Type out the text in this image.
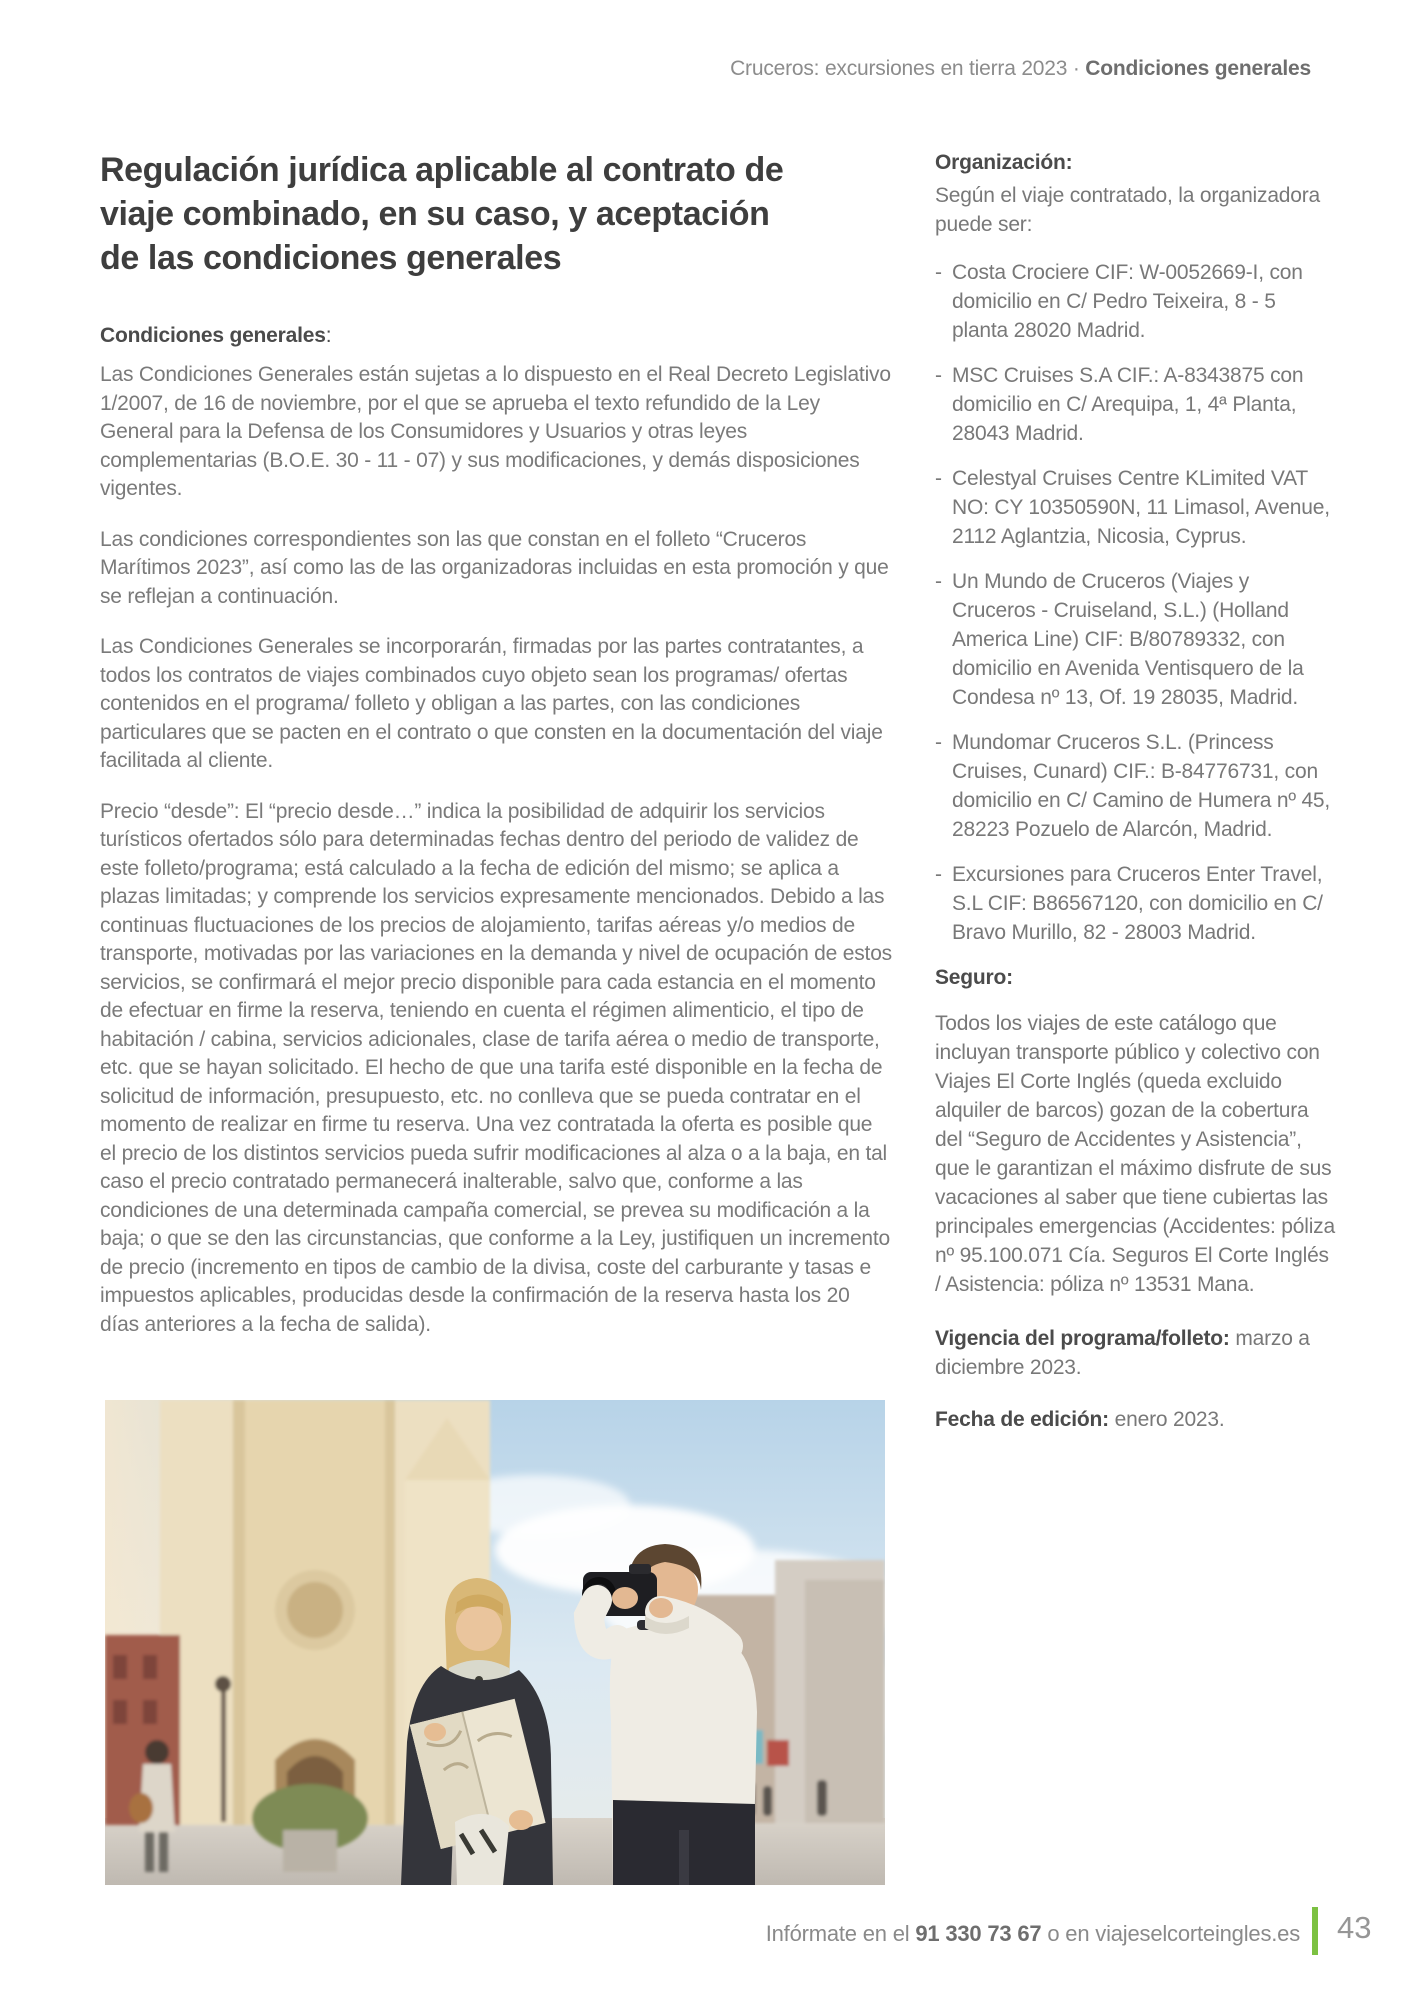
Cruceros: excursiones en tierra 2023 · Condiciones generales
Regulación jurídica aplicable al contrato de viaje combinado, en su caso, y aceptación de las condiciones generales

Condiciones generales:

Las Condiciones Generales están sujetas a lo dispuesto en el Real Decreto Legislativo 1/2007, de 16 de noviembre, por el que se aprueba el texto refundido de la Ley General para la Defensa de los Consumidores y Usuarios y otras leyes complementarias (B.O.E. 30 - 11 - 07) y sus modificaciones, y demás disposiciones vigentes.

Las condiciones correspondientes son las que constan en el folleto “Cruceros Marítimos 2023”, así como las de las organizadoras incluidas en esta promoción y que se reflejan a continuación.

Las Condiciones Generales se incorporarán, firmadas por las partes contratantes, a todos los contratos de viajes combinados cuyo objeto sean los programas/ ofertas contenidos en el programa/ folleto y obligan a las partes, con las condiciones particulares que se pacten en el contrato o que consten en la documentación del viaje facilitada al cliente.

Precio “desde”: El “precio desde…” indica la posibilidad de adquirir los servicios turísticos ofertados sólo para determinadas fechas dentro del periodo de validez de este folleto/programa; está calculado a la fecha de edición del mismo; se aplica a plazas limitadas; y comprende los servicios expresamente mencionados. Debido a las continuas fluctuaciones de los precios de alojamiento, tarifas aéreas y/o medios de transporte, motivadas por las variaciones en la demanda y nivel de ocupación de estos servicios, se confirmará el mejor precio disponible para cada estancia en el momento de efectuar en firme la reserva, teniendo en cuenta el régimen alimenticio, el tipo de habitación / cabina, servicios adicionales, clase de tarifa aérea o medio de transporte, etc. que se hayan solicitado. El hecho de que una tarifa esté disponible en la fecha de solicitud de información, presupuesto, etc. no conlleva que se pueda contratar en el momento de realizar en firme tu reserva. Una vez contratada la oferta es posible que el precio de los distintos servicios pueda sufrir modificaciones al alza o a la baja, en tal caso el precio contratado permanecerá inalterable, salvo que, conforme a las condiciones de una determinada campaña comercial, se prevea su modificación a la baja; o que se den las circunstancias, que conforme a la Ley, justifiquen un incremento de precio (incremento en tipos de cambio de la divisa, coste del carburante y tasas e impuestos aplicables, producidas desde la confirmación de la reserva hasta los 20 días anteriores a la fecha de salida).

Organización:

Según el viaje contratado, la organizadora puede ser:

- Costa Crociere CIF: W-0052669-I, con domicilio en C/ Pedro Teixeira, 8 - 5 planta 28020 Madrid.
- MSC Cruises S.A CIF.: A-8343875 con domicilio en C/ Arequipa, 1, 4ª Planta, 28043 Madrid.
- Celestyal Cruises Centre KLimited VAT NO: CY 10350590N, 11 Limasol, Avenue, 2112 Aglantzia, Nicosia, Cyprus.
- Un Mundo de Cruceros (Viajes y Cruceros - Cruiseland, S.L.) (Holland America Line) CIF: B/80789332, con domicilio en Avenida Ventisquero de la Condesa nº 13, Of. 19 28035, Madrid.
- Mundomar Cruceros S.L. (Princess Cruises, Cunard) CIF.: B-84776731, con domicilio en C/ Camino de Humera nº 45, 28223 Pozuelo de Alarcón, Madrid.
- Excursiones para Cruceros Enter Travel, S.L CIF: B86567120, con domicilio en C/ Bravo Murillo, 82 - 28003 Madrid.
Seguro:

Todos los viajes de este catálogo que incluyan transporte público y colectivo con Viajes El Corte Inglés (queda excluido alquiler de barcos) gozan de la cobertura del “Seguro de Accidentes y Asistencia”, que le garantizan el máximo disfrute de sus vacaciones al saber que tiene cubiertas las principales emergencias (Accidentes: póliza nº 95.100.071 Cía. Seguros El Corte Inglés / Asistencia: póliza nº 13531 Mana.

Vigencia del programa/folleto: marzo a diciembre 2023.

Fecha de edición: enero 2023.

Infórmate en el 91 330 73 67 o en viajeselcorteingles.es 43
